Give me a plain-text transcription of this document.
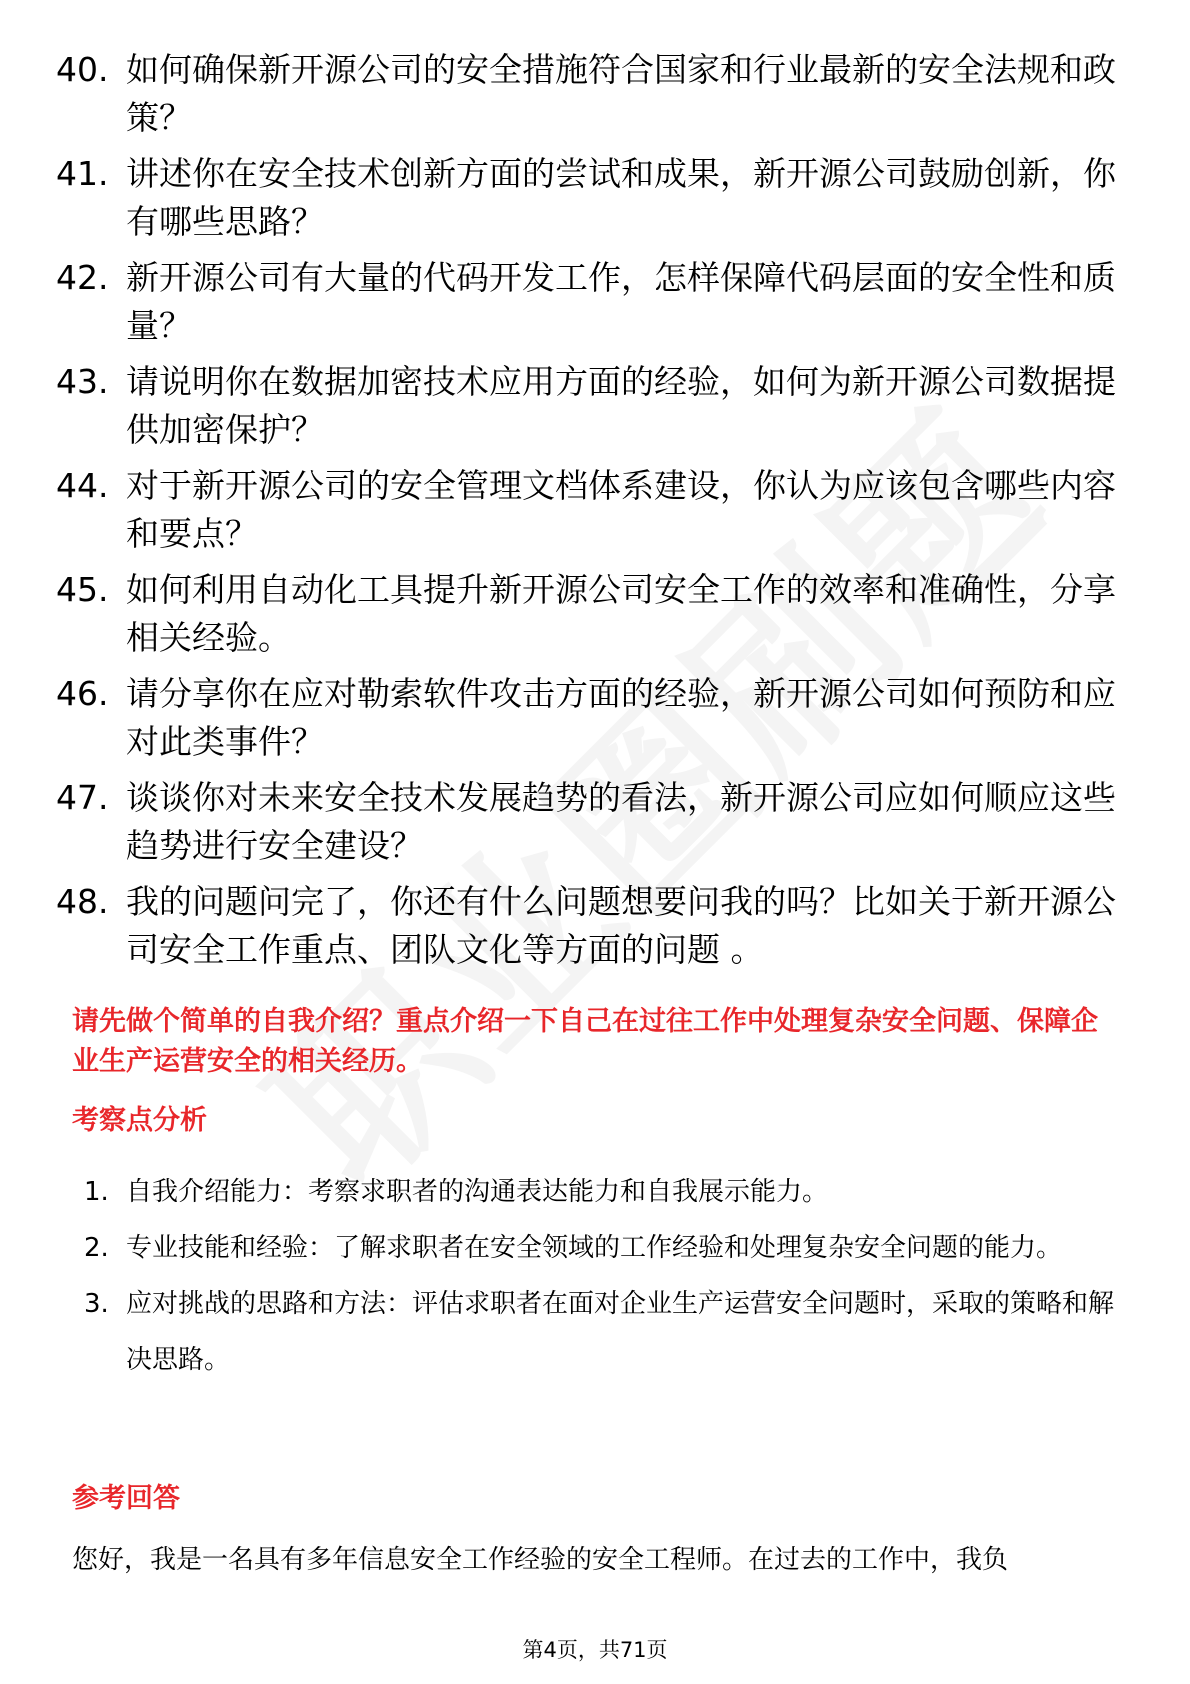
40. 如何确保新开源公司的安全措施符合国家和行业最新的安全法规和政策？
41. 讲述你在安全技术创新方面的尝试和成果，新开源公司鼓励创新，你有哪些思路？
42. 新开源公司有大量的代码开发工作，怎样保障代码层面的安全性和质量？
43. 请说明你在数据加密技术应用方面的经验，如何为新开源公司数据提供加密保护？
44. 对于新开源公司的安全管理文档体系建设，你认为应该包含哪些内容和要点？
45. 如何利用自动化工具提升新开源公司安全工作的效率和准确性，分享相关经验。
46. 请分享你在应对勒索软件攻击方面的经验，新开源公司如何预防和应对此类事件？
47. 谈谈你对未来安全技术发展趋势的看法，新开源公司应如何顺应这些趋势进行安全建设？
48. 我的问题问完了，你还有什么问题想要问我的吗？比如关于新开源公司安全工作重点、团队文化等方面的问题 。
请先做个简单的自我介绍？重点介绍一下自己在过往工作中处理复杂安全问题、保障企业生产运营安全的相关经历。
考察点分析
1. 自我介绍能力：考察求职者的沟通表达能力和自我展示能力。
2. 专业技能和经验：了解求职者在安全领域的工作经验和处理复杂安全问题的能力。
3. 应对挑战的思路和方法：评估求职者在面对企业生产运营安全问题时，采取的策略和解决思路。
参考回答
您好，我是一名具有多年信息安全工作经验的安全工程师。在过去的工作中，我负
第4页，共71页
